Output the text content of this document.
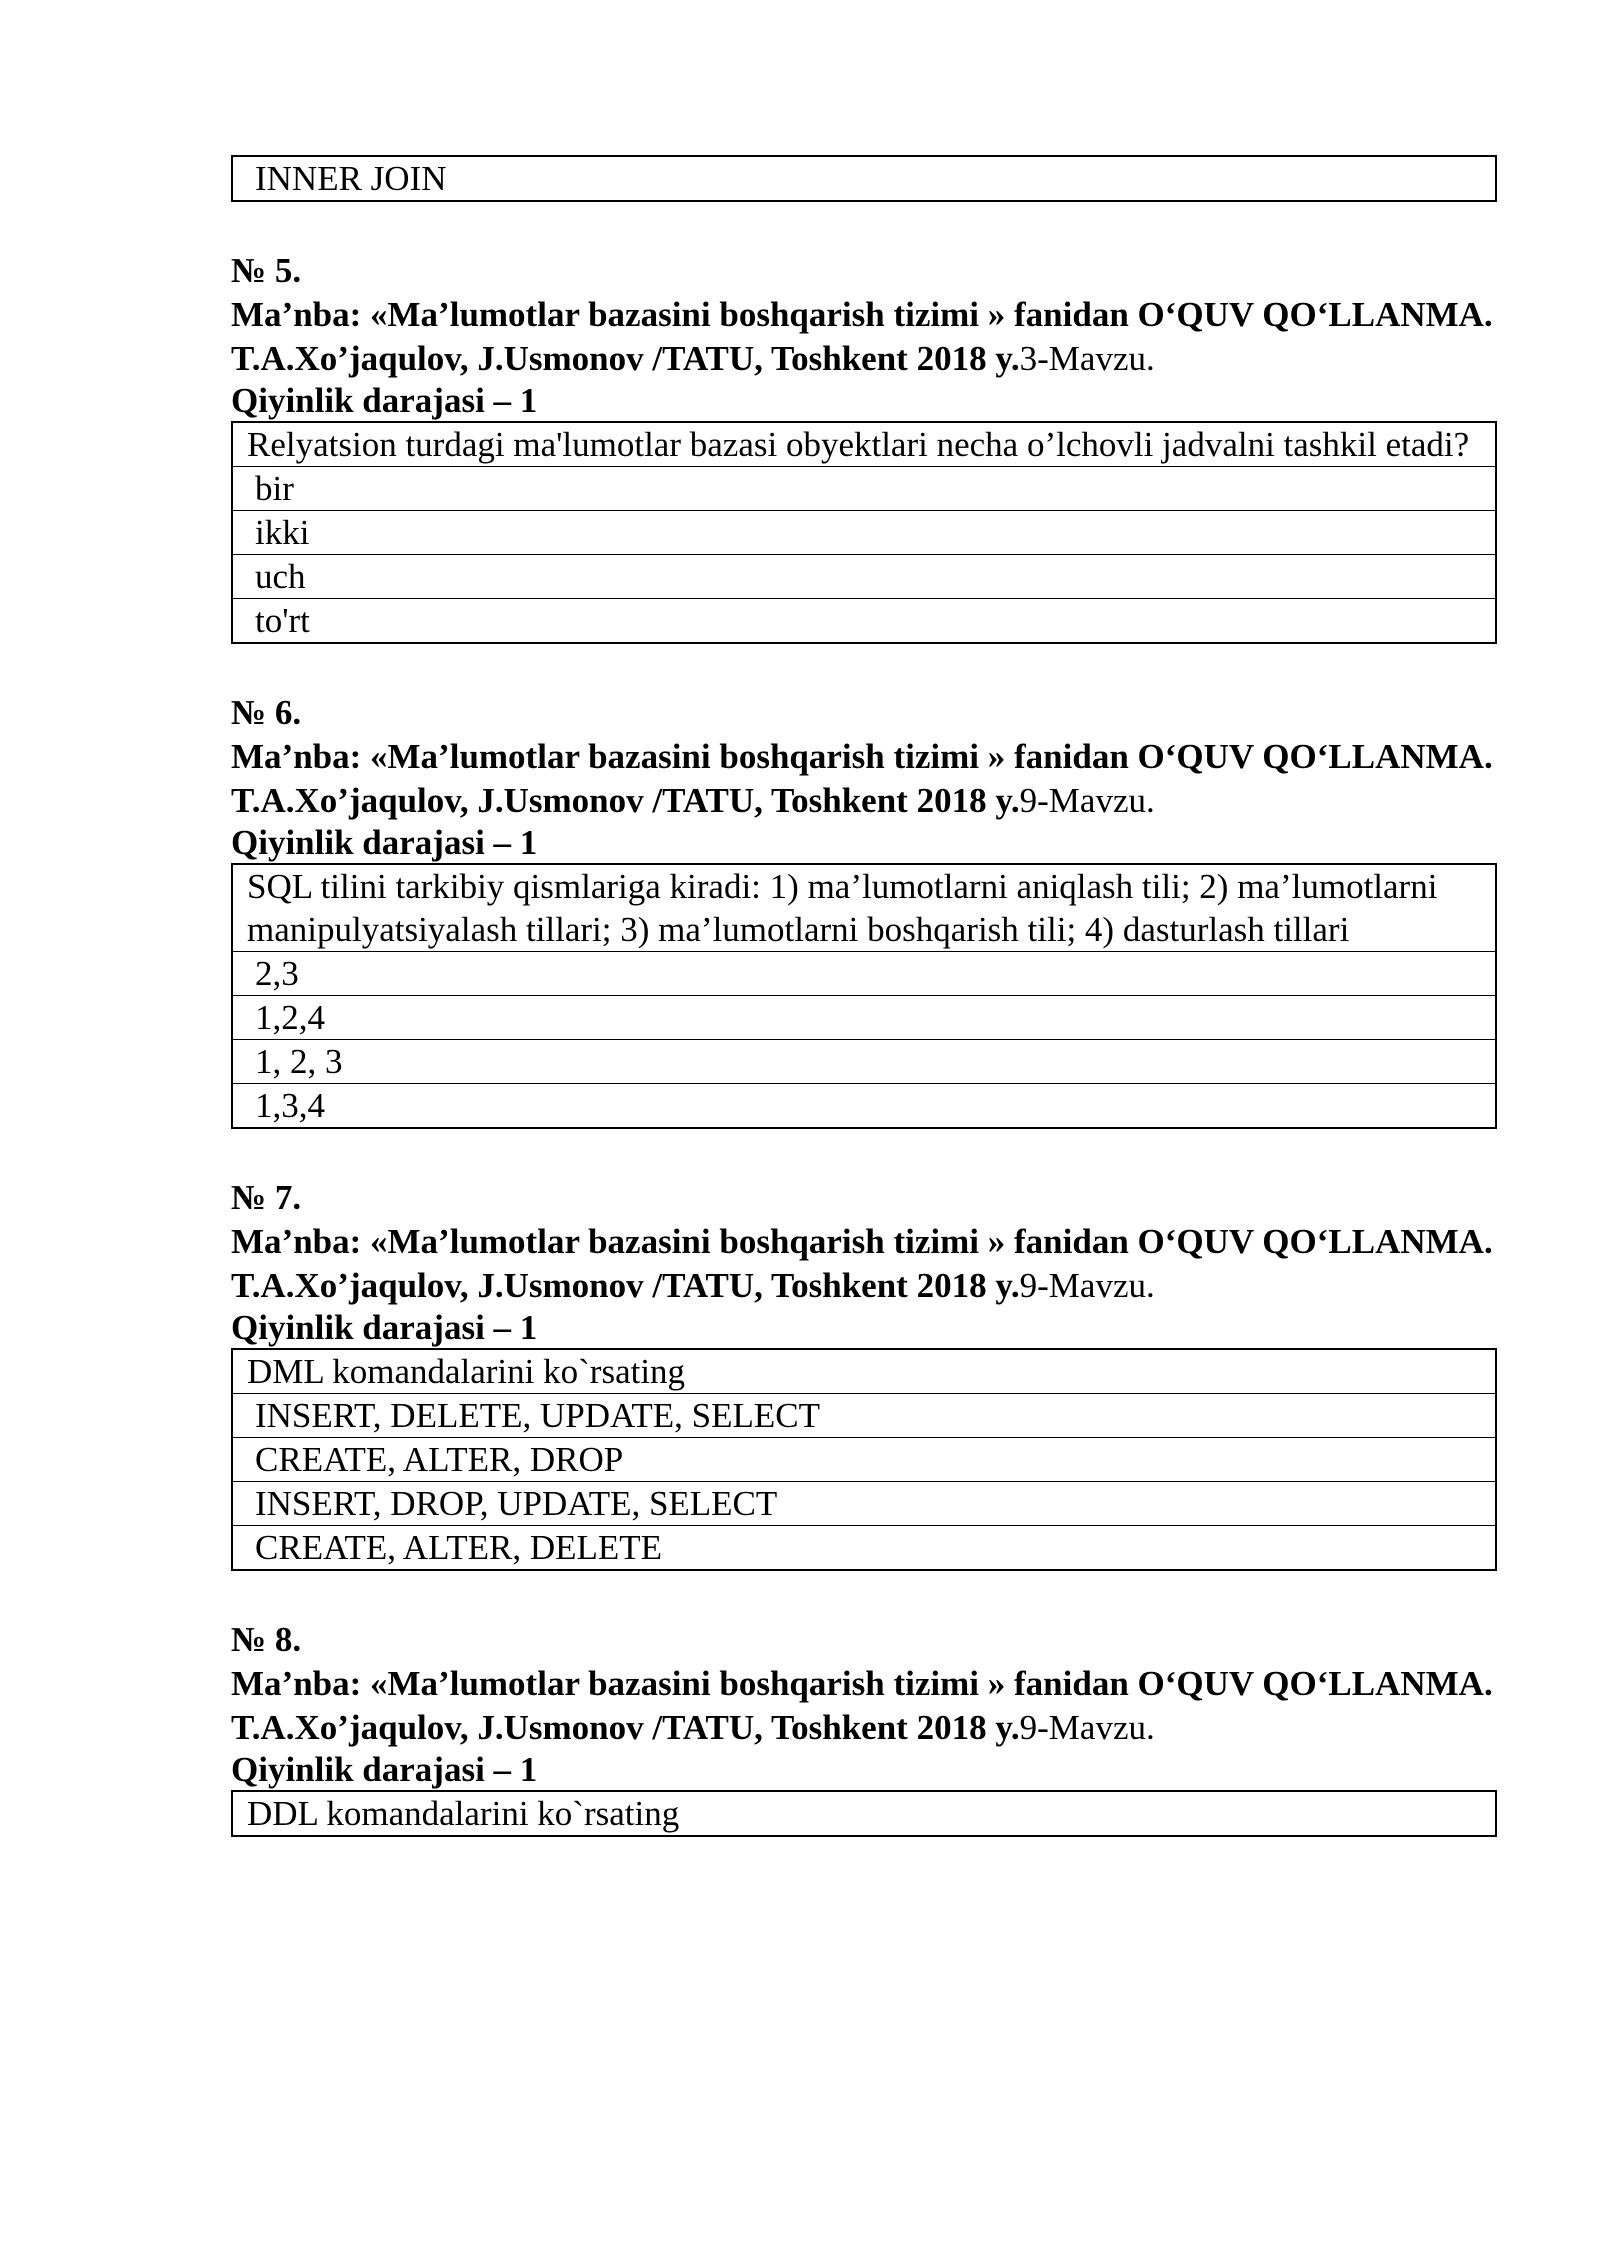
INNER JOIN
№ 5.
Ma’nba: «Ma’lumotlar bazasini boshqarish tizimi » fanidan O‘QUV QO‘LLANMA. T.A.Xo’jaqulov, J.Usmonov /TATU, Toshkent 2018 y.3-Mavzu.
Qiyinlik darajasi – 1
Relyatsion turdagi ma'lumotlar bazasi obyektlari necha o’lchovli jadvalni tashkil etadi?
bir
ikki
uch
to'rt
№ 6.
Ma’nba: «Ma’lumotlar bazasini boshqarish tizimi » fanidan O‘QUV QO‘LLANMA. T.A.Xo’jaqulov, J.Usmonov /TATU, Toshkent 2018 y.9-Mavzu.
Qiyinlik darajasi – 1
SQL tilini tarkibiy qismlariga kiradi: 1) ma’lumotlarni aniqlash tili; 2) ma’lumotlarni manipulyatsiyalash tillari; 3) ma’lumotlarni boshqarish tili; 4) dasturlash tillari
2,3
1,2,4
1, 2, 3
1,3,4
№ 7.
Ma’nba: «Ma’lumotlar bazasini boshqarish tizimi » fanidan O‘QUV QO‘LLANMA. T.A.Xo’jaqulov, J.Usmonov /TATU, Toshkent 2018 y.9-Mavzu.
Qiyinlik darajasi – 1
DML komandalarini ko`rsating
INSERT, DELETE, UPDATE, SELECT
CREATE, ALTER, DROP
INSERT, DROP, UPDATE, SELECT
CREATE, ALTER, DELETE
№ 8.
Ma’nba: «Ma’lumotlar bazasini boshqarish tizimi » fanidan O‘QUV QO‘LLANMA. T.A.Xo’jaqulov, J.Usmonov /TATU, Toshkent 2018 y.9-Mavzu.
Qiyinlik darajasi – 1
DDL komandalarini ko`rsating
